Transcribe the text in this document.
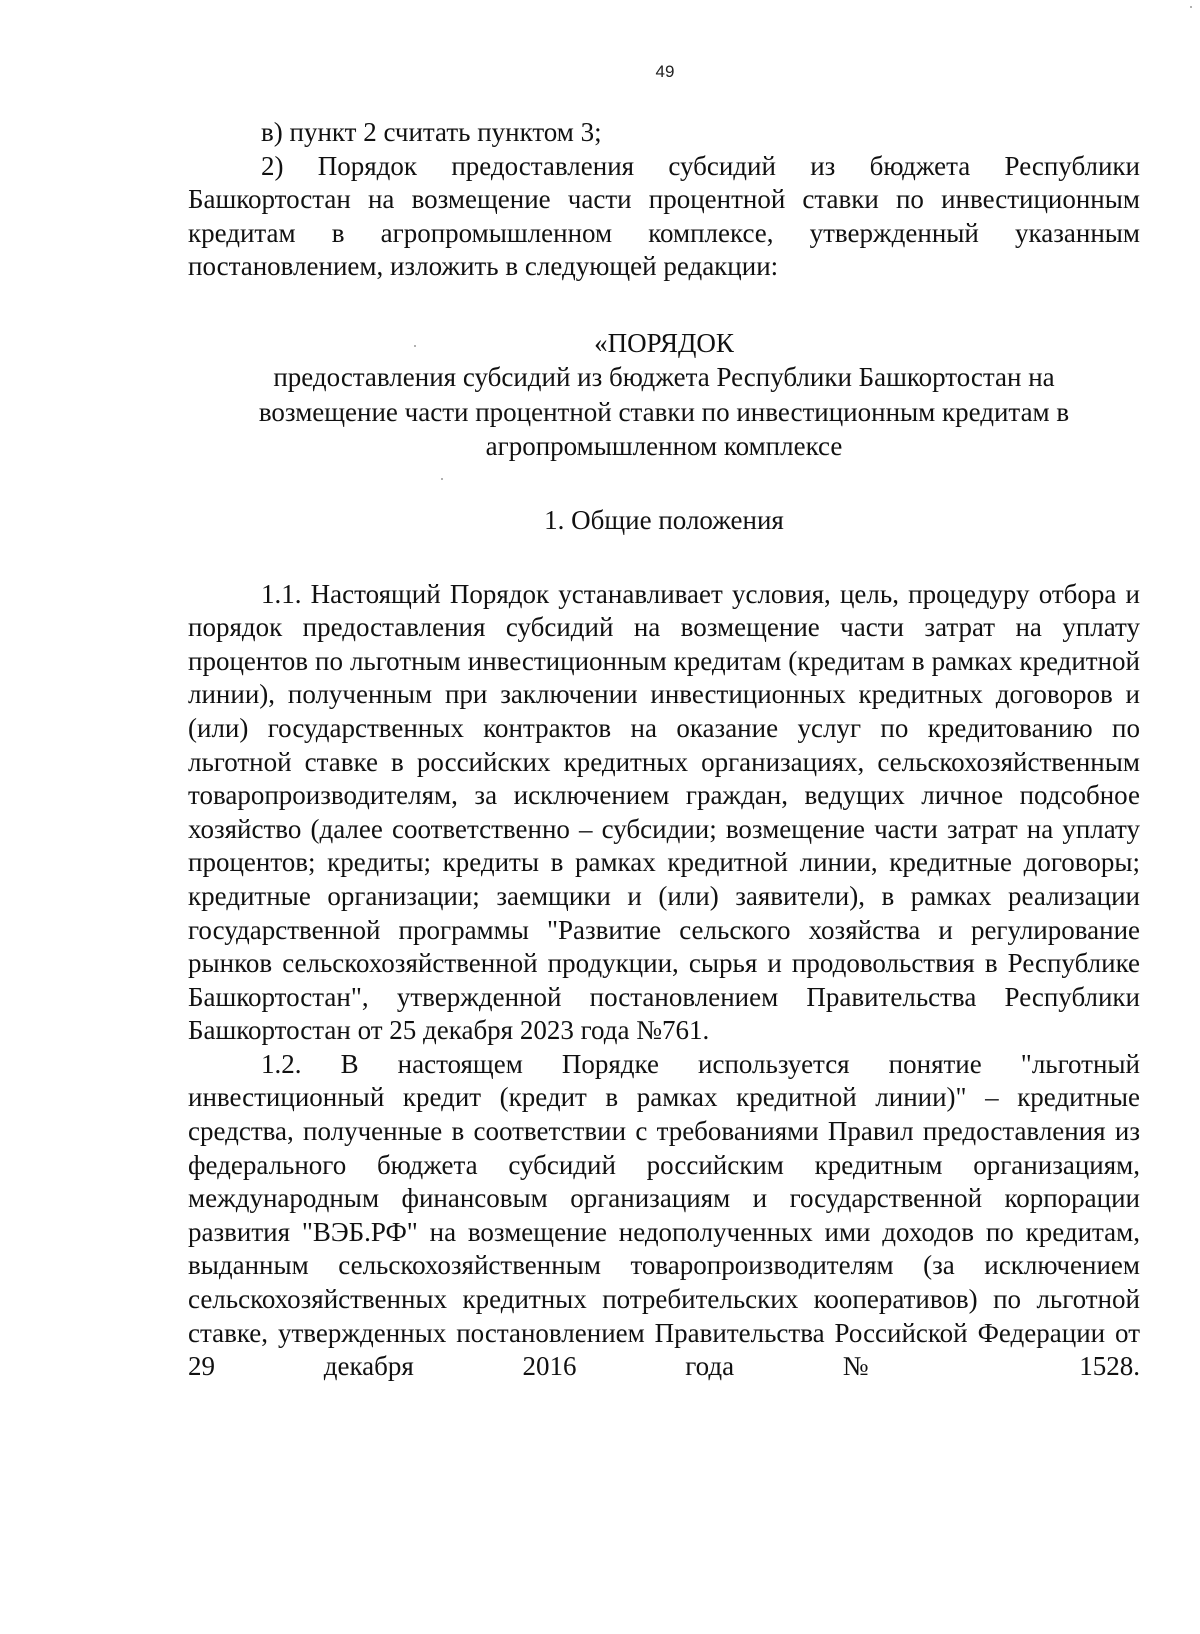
49

в) пункт 2 считать пунктом 3;

2) Порядок предоставления субсидий из бюджета Республики Башкортостан на возмещение части процентной ставки по инвестиционным кредитам в агропромышленном комплексе, утвержденный указанным постановлением, изложить в следующей редакции:

«ПОРЯДОК
предоставления субсидий из бюджета Республики Башкортостан на
возмещение части процентной ставки по инвестиционным кредитам в
агропромышленном комплексе
1. Общие положения

1.1. Настоящий Порядок устанавливает условия, цель, процедуру отбора и порядок предоставления субсидий на возмещение части затрат на уплату процентов по льготным инвестиционным кредитам (кредитам в рамках кредитной линии), полученным при заключении инвестиционных кредитных договоров и (или) государственных контрактов на оказание услуг по кредитованию по льготной ставке в российских кредитных организациях, сельскохозяйственным товаропроизводителям, за исключением граждан, ведущих личное подсобное хозяйство (далее соответственно – субсидии; возмещение части затрат на уплату процентов; кредиты; кредиты в рамках кредитной линии, кредитные договоры; кредитные организации; заемщики и (или) заявители), в рамках реализации государственной программы "Развитие сельского хозяйства и регулирование рынков сельскохозяйственной продукции, сырья и продовольствия в Республике Башкортостан", утвержденной постановлением Правительства Республики Башкортостан от 25 декабря 2023 года №761.

1.2. В настоящем Порядке используется понятие "льготный инвестиционный кредит (кредит в рамках кредитной линии)" – кредитные средства, полученные в соответствии с требованиями Правил предоставления из федерального бюджета субсидий российским кредитным организациям, международным финансовым организациям и государственной корпорации развития "ВЭБ.РФ" на возмещение недополученных ими доходов по кредитам, выданным сельскохозяйственным товаропроизводителям (за исключением сельскохозяйственных кредитных потребительских кооперативов) по льготной ставке, утвержденных постановлением Правительства Российской Федерации от 29 декабря 2016 года № 1528.
